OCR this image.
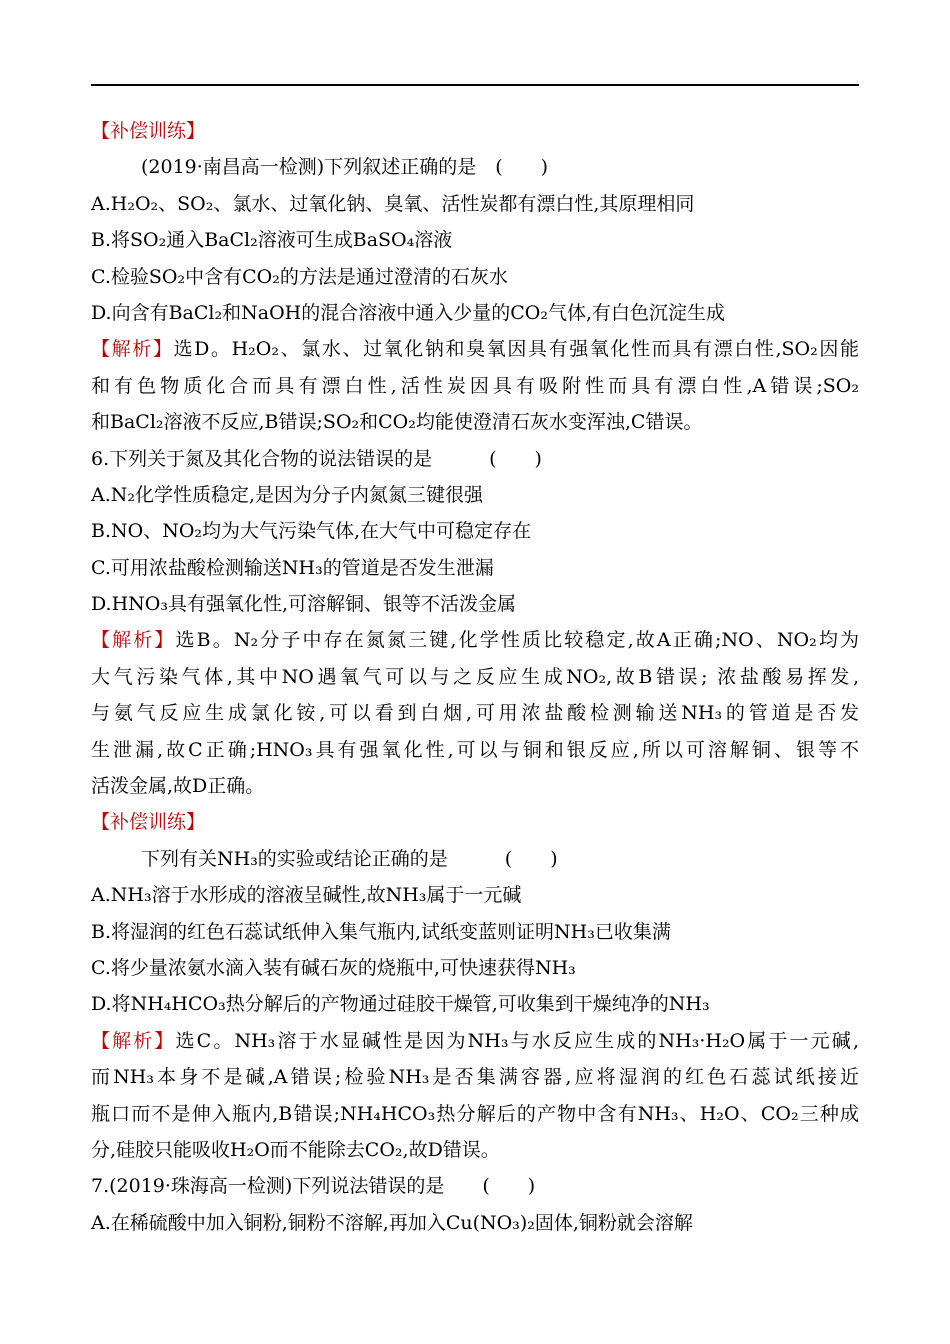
【补偿训练】
(2019·南昌高一检测)下列叙述正确的是　(　　)
A.H₂O₂、SO₂、氯水、过氧化钠、臭氧、活性炭都有漂白性,其原理相同
B.将SO₂通入BaCl₂溶液可生成BaSO₄溶液
C.检验SO₂中含有CO₂的方法是通过澄清的石灰水
D.向含有BaCl₂和NaOH的混合溶液中通入少量的CO₂气体,有白色沉淀生成
【解析】选D。H₂O₂、氯水、过氧化钠和臭氧因具有强氧化性而具有漂白性,SO₂因能
和有色物质化合而具有漂白性,活性炭因具有吸附性而具有漂白性,A错误;SO₂
和BaCl₂溶液不反应,B错误;SO₂和CO₂均能使澄清石灰水变浑浊,C错误。
6.下列关于氮及其化合物的说法错误的是　　　(　　)
A.N₂化学性质稳定,是因为分子内氮氮三键很强
B.NO、NO₂均为大气污染气体,在大气中可稳定存在
C.可用浓盐酸检测输送NH₃的管道是否发生泄漏
D.HNO₃具有强氧化性,可溶解铜、银等不活泼金属
【解析】选B。N₂分子中存在氮氮三键,化学性质比较稳定,故A正确;NO、NO₂均为
大气污染气体,其中NO遇氧气可以与之反应生成NO₂,故B错误; 浓盐酸易挥发,
与氨气反应生成氯化铵,可以看到白烟,可用浓盐酸检测输送NH₃的管道是否发
生泄漏,故C正确;HNO₃具有强氧化性,可以与铜和银反应,所以可溶解铜、银等不
活泼金属,故D正确。
【补偿训练】
下列有关NH₃的实验或结论正确的是　　　(　　)
A.NH₃溶于水形成的溶液呈碱性,故NH₃属于一元碱
B.将湿润的红色石蕊试纸伸入集气瓶内,试纸变蓝则证明NH₃已收集满
C.将少量浓氨水滴入装有碱石灰的烧瓶中,可快速获得NH₃
D.将NH₄HCO₃热分解后的产物通过硅胶干燥管,可收集到干燥纯净的NH₃
【解析】选C。NH₃溶于水显碱性是因为NH₃与水反应生成的NH₃·H₂O属于一元碱,
而NH₃本身不是碱,A错误;检验NH₃是否集满容器,应将湿润的红色石蕊试纸接近
瓶口而不是伸入瓶内,B错误;NH₄HCO₃热分解后的产物中含有NH₃、H₂O、CO₂三种成
分,硅胶只能吸收H₂O而不能除去CO₂,故D错误。
7.(2019·珠海高一检测)下列说法错误的是　　(　　)
A.在稀硫酸中加入铜粉,铜粉不溶解,再加入Cu(NO₃)₂固体,铜粉就会溶解
